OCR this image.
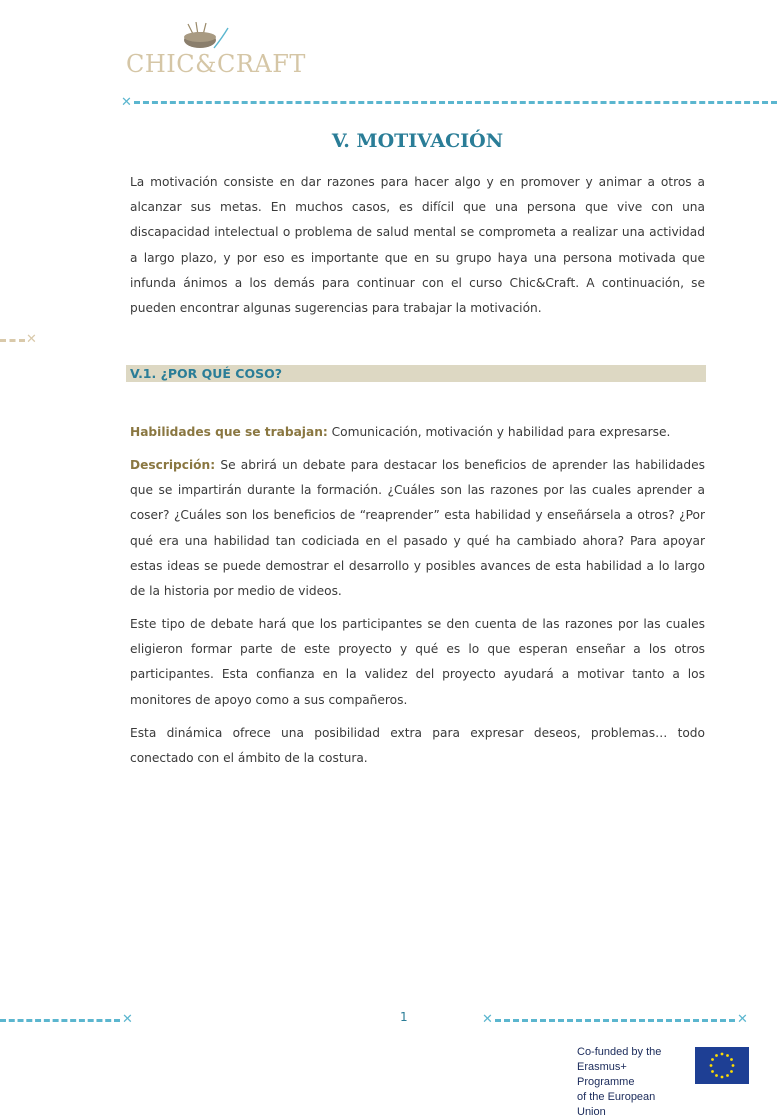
CHIC&CRAFT
✕
✕
V. MOTIVACIÓN

La motivación consiste en dar razones para hacer algo y en promover y animar a otros a alcanzar sus metas. En muchos casos, es difícil que una persona que vive con una discapacidad intelectual o problema de salud mental se comprometa a realizar una actividad a largo plazo, y por eso es importante que en su grupo haya una persona motivada que infunda ánimos a los demás para continuar con el curso Chic&Craft. A continuación, se pueden encontrar algunas sugerencias para trabajar la motivación.

V.1. ¿POR QUÉ COSO?

Habilidades que se trabajan: Comunicación, motivación y habilidad para expresarse.

Descripción: Se abrirá un debate para destacar los beneficios de aprender las habilidades que se impartirán durante la formación. ¿Cuáles son las razones por las cuales aprender a coser? ¿Cuáles son los beneficios de “reaprender” esta habilidad y enseñársela a otros? ¿Por qué era una habilidad tan codiciada en el pasado y qué ha cambiado ahora? Para apoyar estas ideas se puede demostrar el desarrollo y posibles avances de esta habilidad a lo largo de la historia por medio de videos.

Este tipo de debate hará que los participantes se den cuenta de las razones por las cuales eligieron formar parte de este proyecto y qué es lo que esperan enseñar a los otros participantes. Esta confianza en la validez del proyecto ayudará a motivar tanto a los monitores de apoyo como a sus compañeros.

Esta dinámica ofrece una posibilidad extra para expresar deseos, problemas… todo conectado con el ámbito de la costura.

✕	1	✕	✕
Co-funded by the
Erasmus+ Programme
of the European Union
